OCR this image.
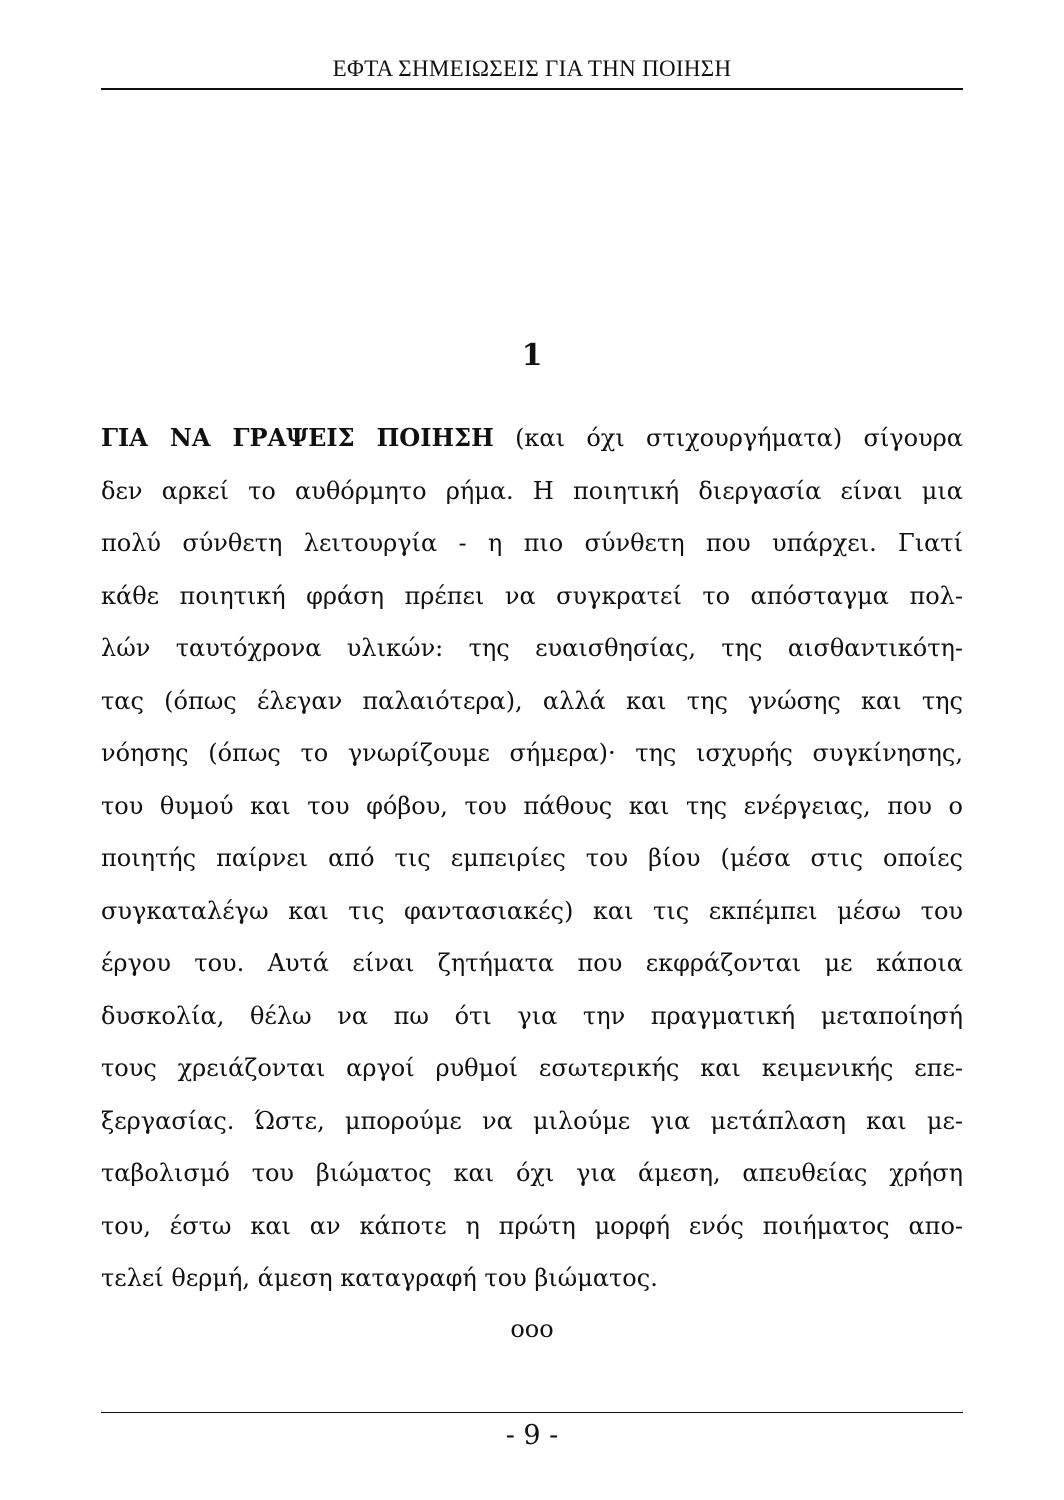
ΕΦΤΑ ΣΗΜΕΙΩΣΕΙΣ ΓΙΑ ΤΗΝ ΠΟΙΗΣΗ
1
ΓΙΑ ΝΑ ΓΡΑΨΕΙΣ ΠΟΙΗΣΗ (και όχι στιχουργήματα) σίγουρα
δεν αρκεί το αυθόρμητο ρήμα. Η ποιητική διεργασία είναι μια
πολύ σύνθετη λειτουργία - η πιο σύνθετη που υπάρχει. Γιατί
κάθε ποιητική φράση πρέπει να συγκρατεί το απόσταγμα πολ-
λών ταυτόχρονα υλικών: της ευαισθησίας, της αισθαντικότη-
τας (όπως έλεγαν παλαιότερα), αλλά και της γνώσης και της
νόησης (όπως το γνωρίζουμε σήμερα)· της ισχυρής συγκίνησης,
του θυμού και του φόβου, του πάθους και της ενέργειας, που ο
ποιητής παίρνει από τις εμπειρίες του βίου (μέσα στις οποίες
συγκαταλέγω και τις φαντασιακές) και τις εκπέμπει μέσω του
έργου του. Αυτά είναι ζητήματα που εκφράζονται με κάποια
δυσκολία, θέλω να πω ότι για την πραγματική μεταποίησή
τους χρειάζονται αργοί ρυθμοί εσωτερικής και κειμενικής επε-
ξεργασίας. Ώστε, μπορούμε να μιλούμε για μετάπλαση και με-
ταβολισμό του βιώματος και όχι για άμεση, απευθείας χρήση
του, έστω και αν κάποτε η πρώτη μορφή ενός ποιήματος απο-
τελεί θερμή, άμεση καταγραφή του βιώματος.
οοο
- 9 -
